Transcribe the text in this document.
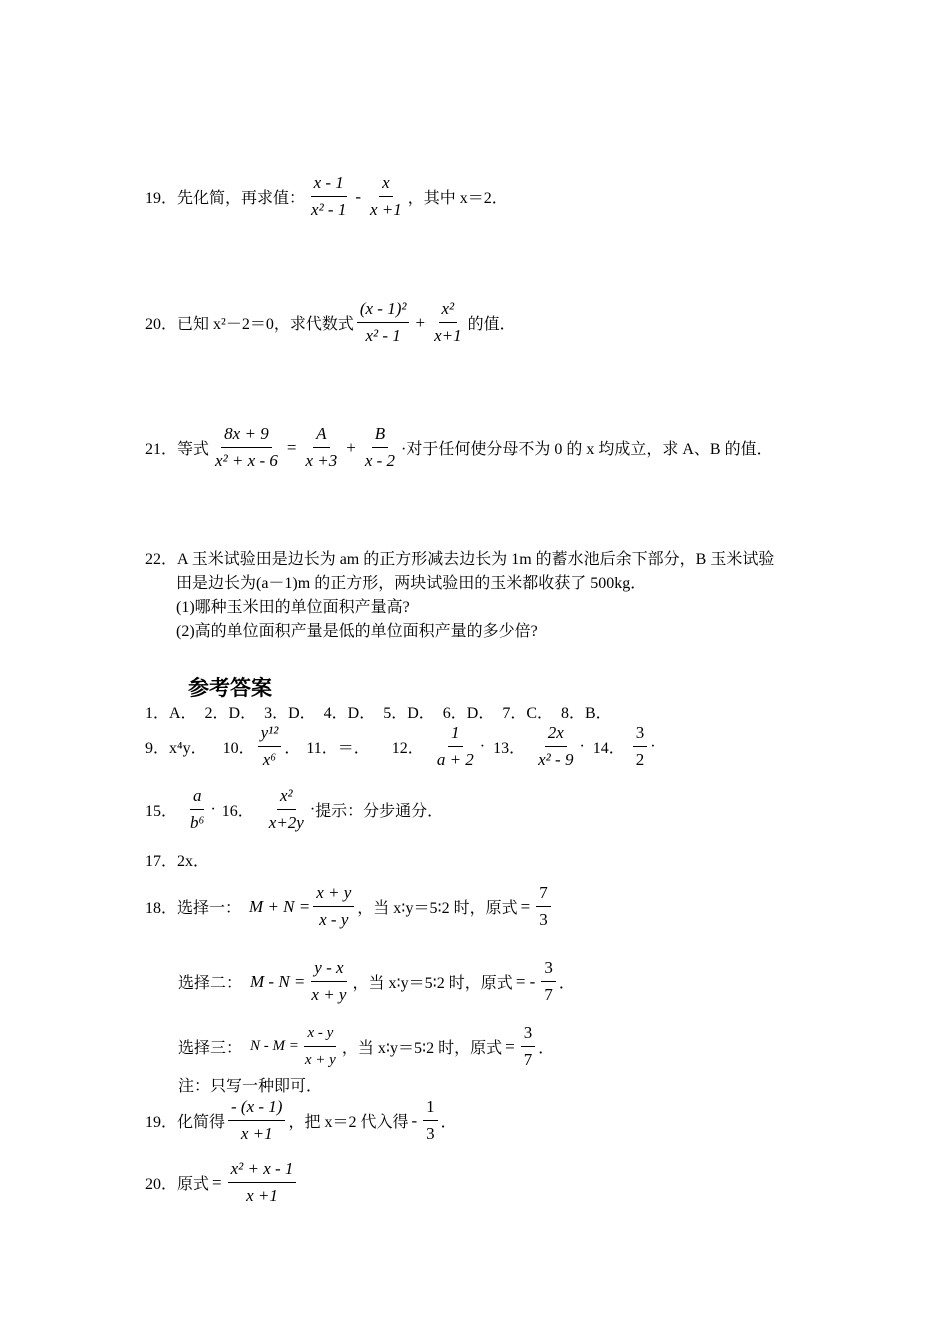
19． 先化简，再求值： $\frac{x - 1}{\text{x² - 1}} - \frac{x}{x +1}$ ，其中 x＝2．
20． 已知 x²－2＝0，求代数式 $\frac{\text{(x - 1)²}}{\text{x² - 1}} + \frac{\text{x²}}{x+1}$ 的值．
21． 等式 $\frac{8x + 9}{\text{x² + x - 6}} = \frac{A}{x +3} + \frac{B}{x - 2}$ ·对于任何使分母不为 0 的 x 均成立，求 A、B 的值．
22．A 玉米试验田是边长为 am 的正方形减去边长为 1m 的蓄水池后余下部分，B 玉米试验
田是边长为(a－1)m 的正方形，两块试验田的玉米都收获了 500kg．
(1)哪种玉米田的单位面积产量高?
(2)高的单位面积产量是低的单位面积产量的多少倍?
参考答案
1．A．　2．D．　3．D．　4．D．　5．D．　6．D．　7．C．　8．B．
9．x⁴y． 10． $\frac{\text{y¹²}}{\text{x⁶}}$ ． 11．＝． 12． $\frac{1}{a + 2} \cdot 13$． $\frac{2x}{\text{x² - 9}} \cdot 14$． $\frac{3}{2}$ ·
15． $\frac{a}{\text{b⁶}} \cdot 16$． $\frac{\text{x²}}{x+2y}$ · 提示：分步通分．
17．2x．
18． 选择一： $M + N = \frac{x + y}{x - y}$ ，当 x∶y＝5∶2 时，原式 = $\frac{7}{3}$
选择二： $M - N = \frac{y - x}{x + y}$ ，当 x∶y＝5∶2 时，原式 = - $\frac{3}{7}$ ．
选择三： $N - M = \frac{x - y}{x + y}$ ，当 x∶y＝5∶2 时，原式 = $\frac{3}{7}$ ．
注：只写一种即可．
19．化简得 $\frac{- (x - 1)}{x +1}$ ，把 x＝2 代入得 - $\frac{1}{3}$ ．
20．原式 = $\frac{\text{x² + x - 1}}{x +1}$
